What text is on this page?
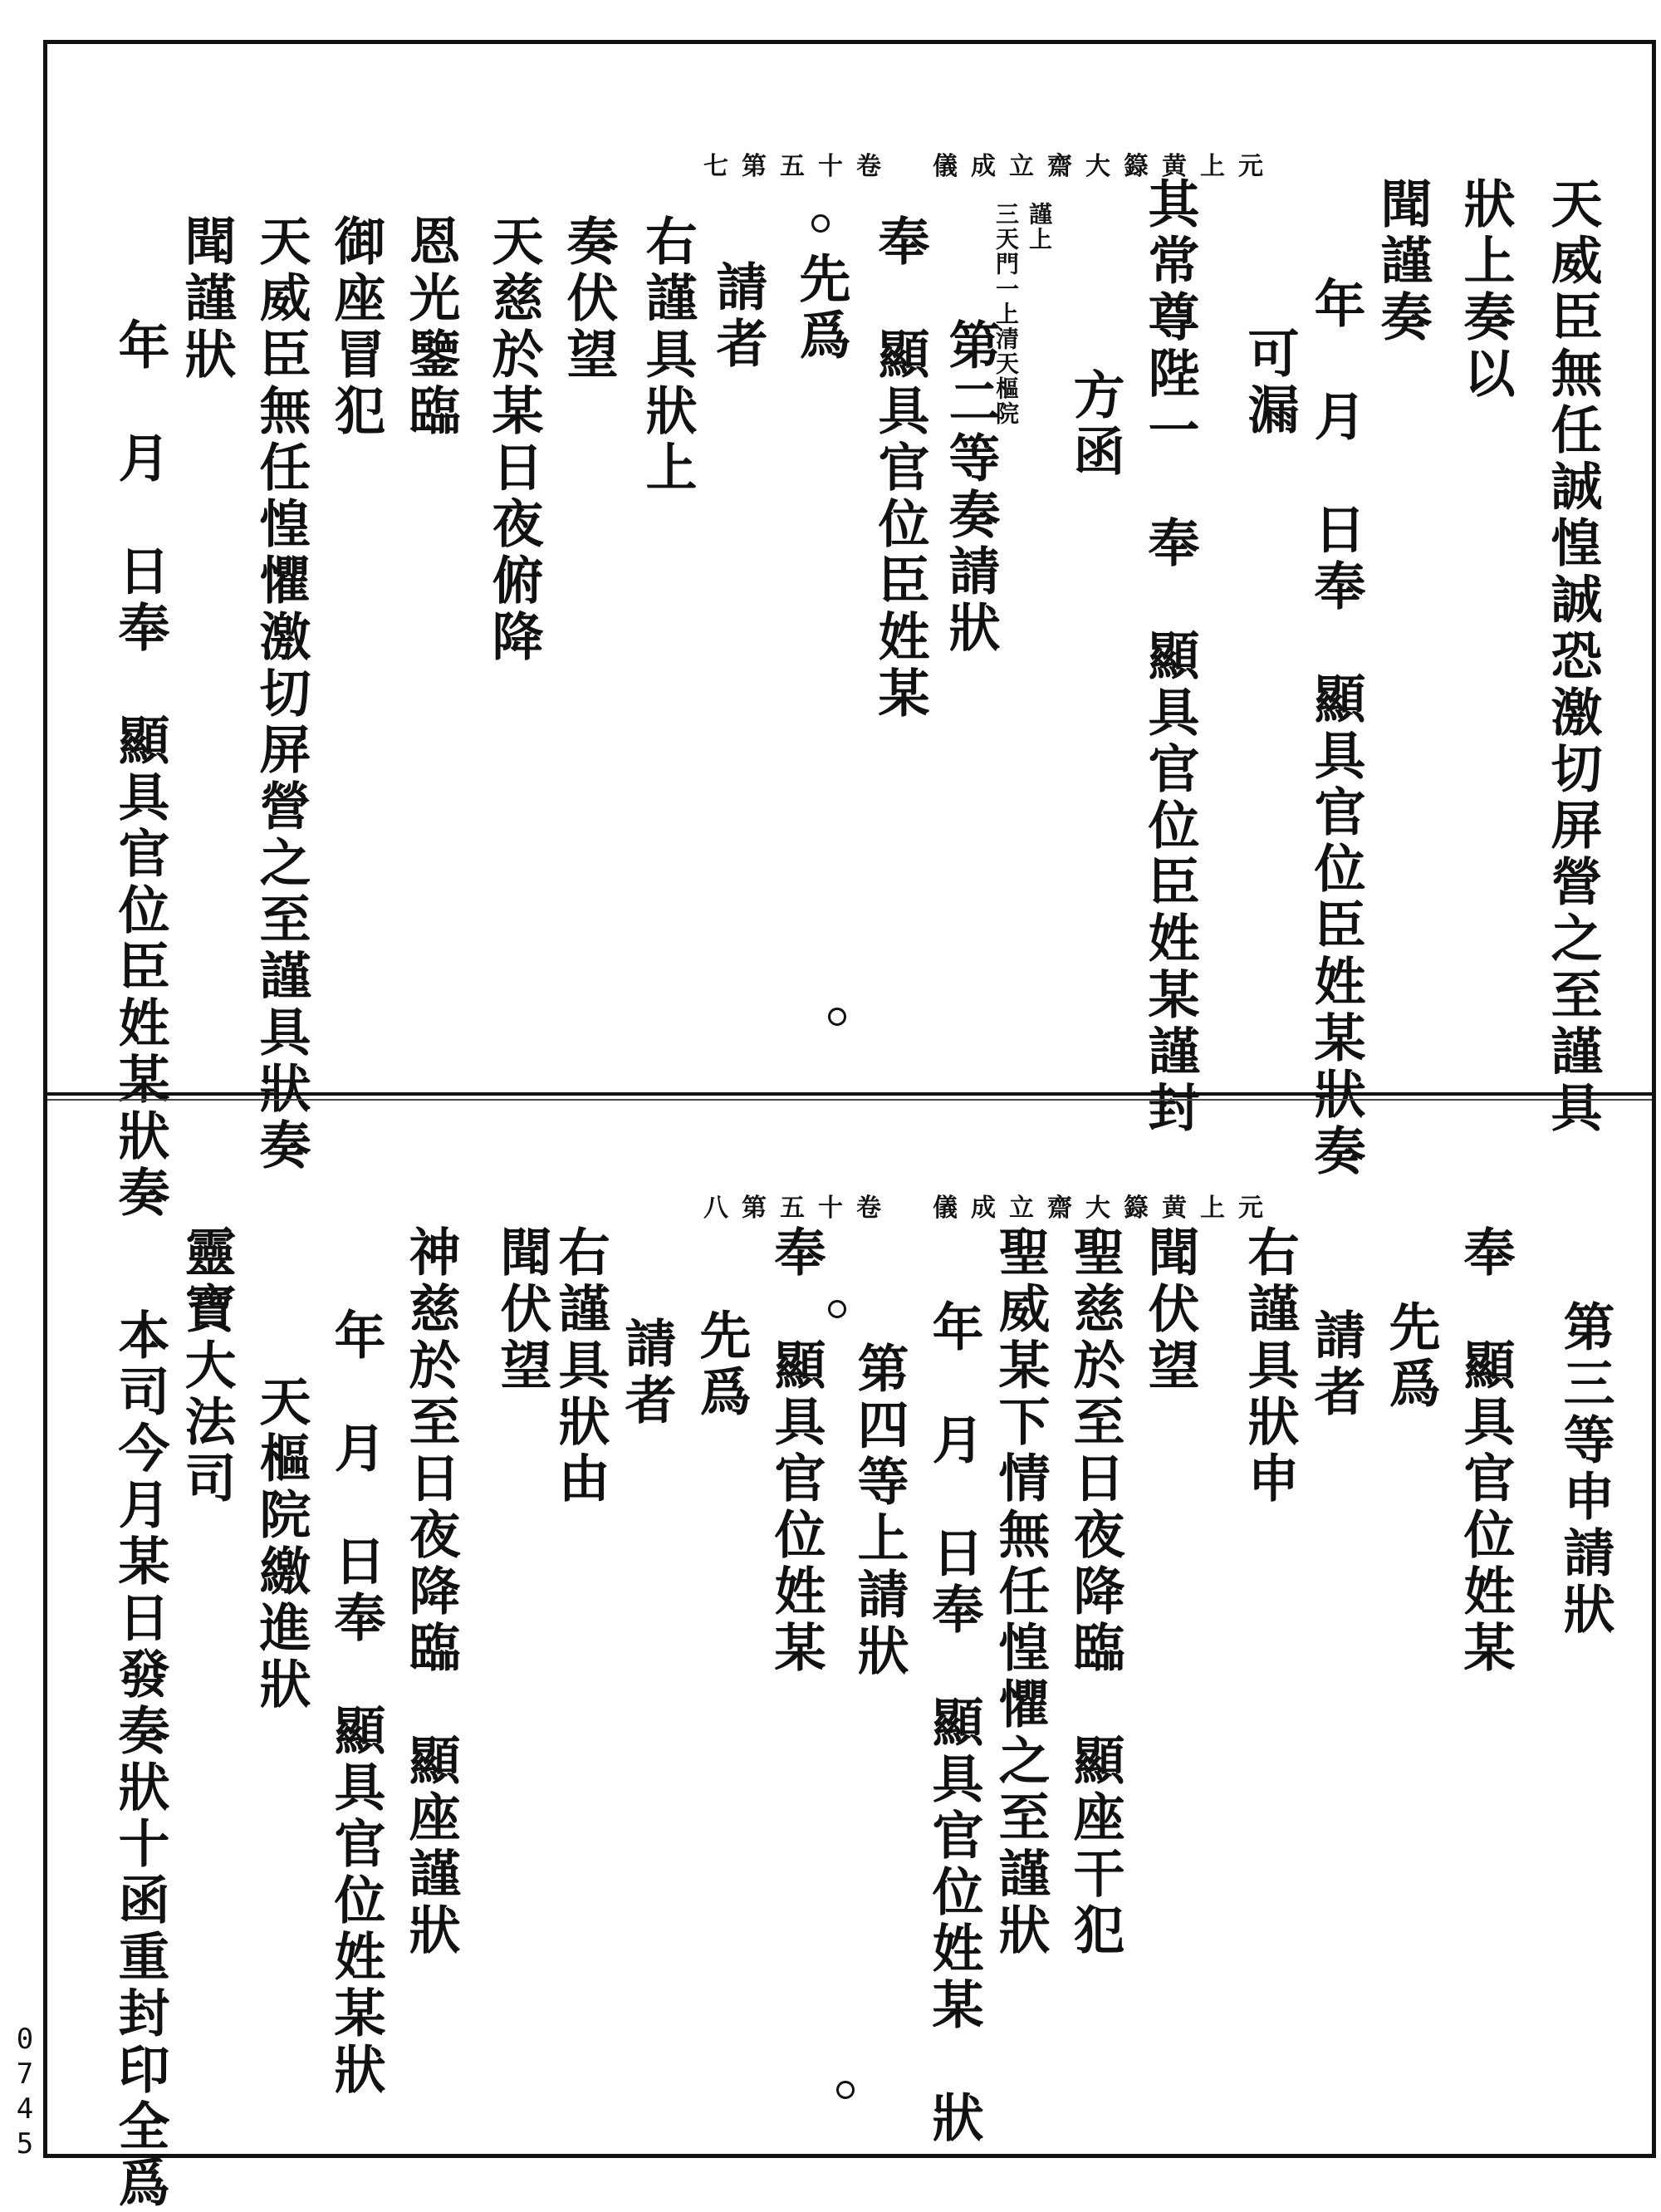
元上黄籙大齋立成儀　卷十五第七
天威臣無任誠惶誠恐激切屏營之至謹具
狀上奏以
聞謹奏
年　月　日奉　顯具官位臣姓某狀奏
可漏
其常尊陛一　奉　顯具官位臣姓某謹封
方函
謹上
三天門一上清天樞院
第二等奏請狀
奉　顯具官位臣姓某
先爲
請者
右謹具狀上
奏伏望
天慈於某日夜俯降
恩光鑒臨
御座冒犯
天威臣無任惶懼激切屏營之至謹具狀奏
聞謹狀
年　月　日奉　顯具官位臣姓某狀奏	元上黄籙大齋立成儀　卷十五第八
第三等申請狀
奉　顯具官位姓某
先爲
請者
右謹具狀申
聞伏望
聖慈於至日夜降臨　顯座干犯
聖威某下情無任惶懼之至謹狀
年　月　日奉　顯具官位姓某　狀
第四等上請狀
奉　顯具官位姓某
先爲
請者
右謹具狀由
聞伏望
神慈於至日夜降臨　顯座謹狀
年　月　日奉　顯具官位姓某狀
天樞院繳進狀
靈寶大法司
本司今月某日發奏狀十函重封印全爲
0745
